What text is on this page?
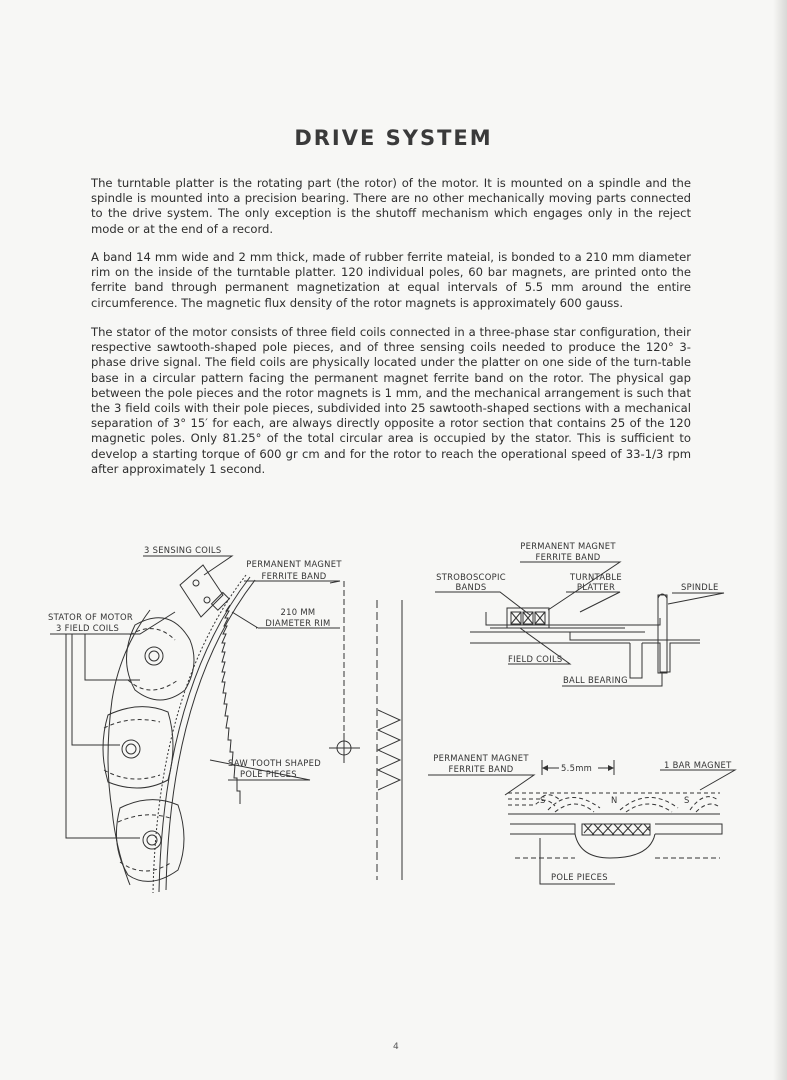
DRIVE SYSTEM

The turntable platter is the rotating part (the rotor) of the motor. It is mounted on a spindle and the spindle is mounted into a precision bearing. There are no other mechanically moving parts connected to the drive system. The only exception is the shutoff mechanism which engages only in the reject mode or at the end of a record.

A band 14 mm wide and 2 mm thick, made of rubber ferrite mateial, is bonded to a 210 mm diameter rim on the inside of the turntable platter. 120 individual poles, 60 bar magnets, are printed onto the ferrite band through permanent magnetization at equal intervals of 5.5 mm around the entire circumference. The magnetic flux density of the rotor magnets is approximately 600 gauss.

The stator of the motor consists of three field coils connected in a three-phase star configuration, their respective sawtooth-shaped pole pieces, and of three sensing coils needed to produce the 120° 3-phase drive signal. The field coils are physically located under the platter on one side of the turn-table base in a circular pattern facing the permanent magnet ferrite band on the rotor. The physical gap between the pole pieces and the rotor magnets is 1 mm, and the mechanical arrangement is such that the 3 field coils with their pole pieces, subdivided into 25 sawtooth-shaped sections with a mechanical separation of 3° 15′ for each, are always directly opposite a rotor section that contains 25 of the 120 magnetic poles. Only 81.25° of the total circular area is occupied by the stator. This is sufficient to develop a starting torque of 600 gr cm and for the rotor to reach the operational speed of 33-1/3 rpm after approximately 1 second.

3 SENSING COILS
PERMANENT MAGNET
FERRITE BAND
210 MM
DIAMETER RIM
STATOR OF MOTOR
3 FIELD COILS
SAW TOOTH SHAPED
POLE PIECES
PERMANENT MAGNET
FERRITE BAND
STROBOSCOPIC
BANDS
TURNTABLE
PLATTER	SPINDLE
FIELD COILS
BALL BEARING
PERMANENT MAGNET
FERRITE BAND	5.5mm	1 BAR MAGNET
S	N	S
POLE PIECES
4
